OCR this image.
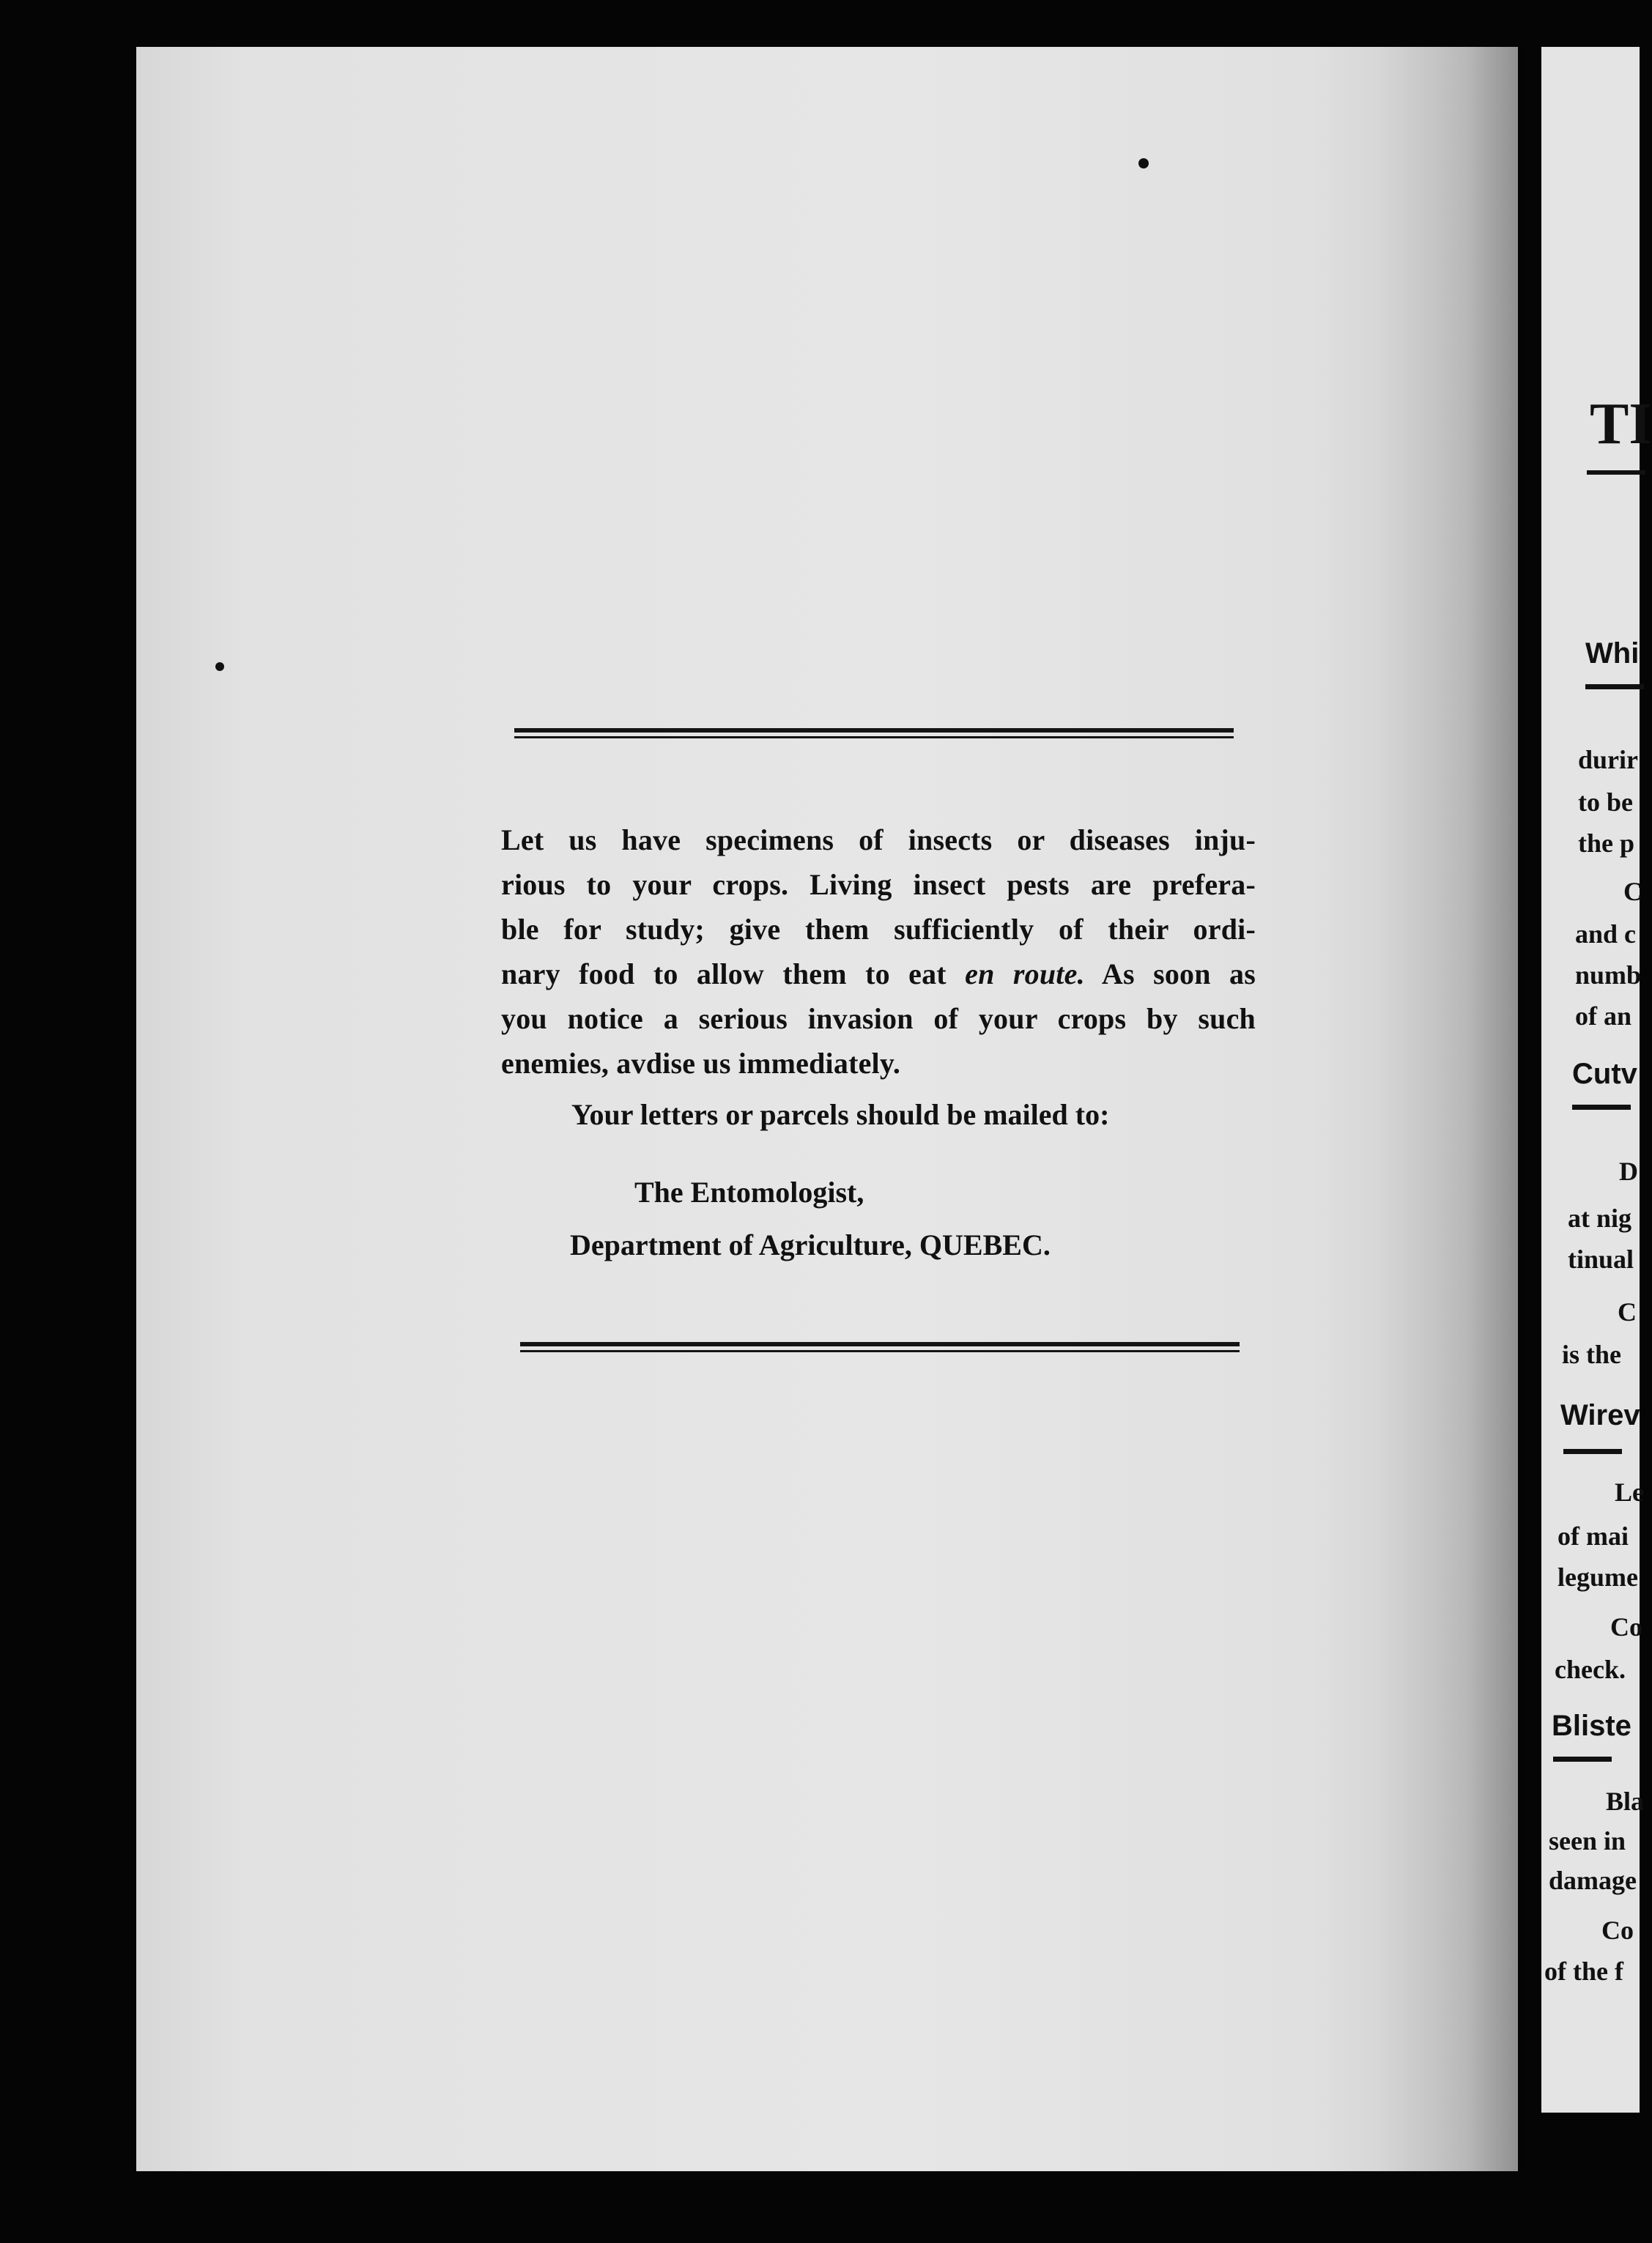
Let us have specimens of insects or diseases inju-

rious to your crops. Living insect pests are prefera-

ble for study; give them sufficiently of their ordi-

nary food to allow them to eat en route. As soon as

you notice a serious invasion of your crops by such

enemies, avdise us immediately.

Your letters or parcels should be mailed to:
The Entomologist,
Department of Agriculture, QUEBEC.
TI
Whi
durir
to be
the p
C
and c
numb
of an
Cutv
D
at nig
tinual
C
is the
Wirev
Le
of mai
legume
Co
check.
Bliste
Bla
seen in
damage
Co
of the f
